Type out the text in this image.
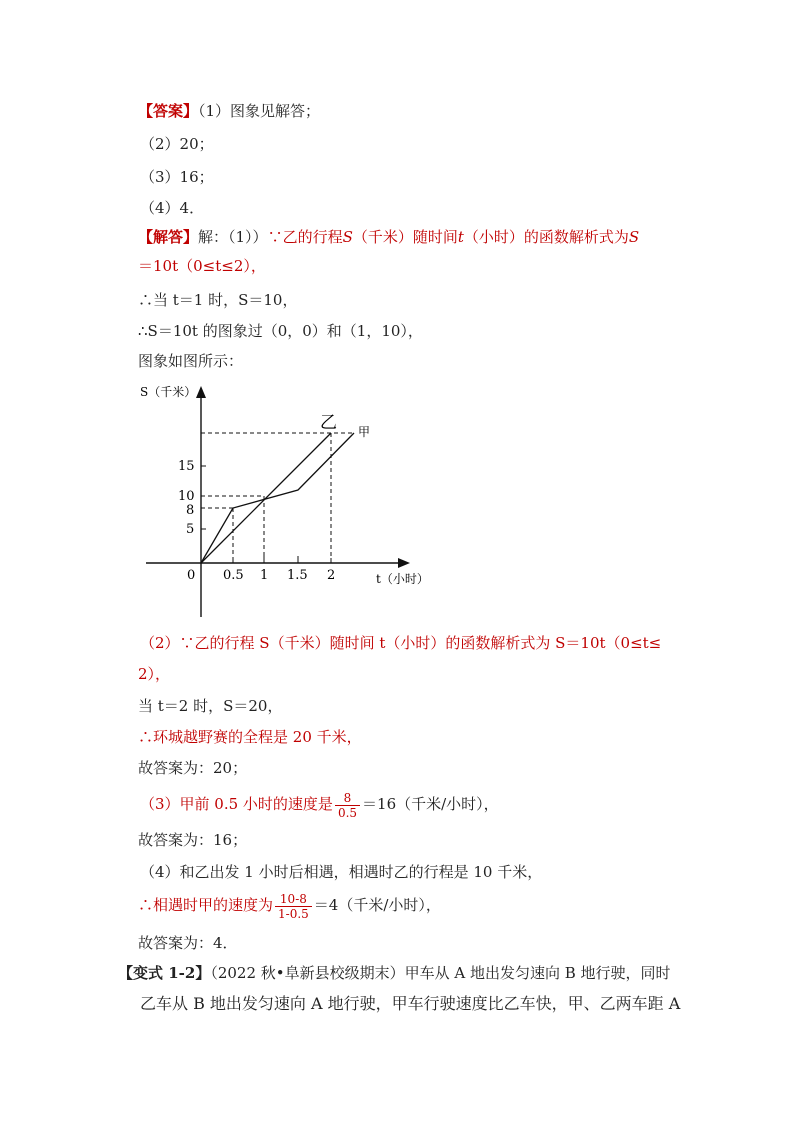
【答案】（1）图象见解答；
（2）20；
（3）16；
（4）4．
【解答】解：（1））∵乙的行程S（千米）随时间t（小时）的函数解析式为S
＝10t（0≤t≤2），
∴当 t＝1 时，S＝10，
∴S＝10t 的图象过（0，0）和（1，10），
图象如图所示：
S（千米）
t（小时）
0
5
8
10
15
0.5 1 1.5 2
乙 甲
（2）∵乙的行程 S（千米）随时间 t（小时）的函数解析式为 S＝10t（0≤t≤
2），
当 t＝2 时，S＝20，
∴环城越野赛的全程是 20 千米，
故答案为：20；
（3）甲前 0.5 小时的速度是 $\frac{8}{0.5} =16$（千米/小时），
故答案为：16；
（4）和乙出发 1 小时后相遇，相遇时乙的行程是 10 千米，
∴相遇时甲的速度为 $\frac{10-8}{1-0.5} =4$（千米/小时），
故答案为：4．
【变式 1-2】（2022 秋•阜新县校级期末）甲车从 A 地出发匀速向 B 地行驶，同时
乙车从 B 地出发匀速向 A 地行驶，甲车行驶速度比乙车快，甲、乙两车距 A
